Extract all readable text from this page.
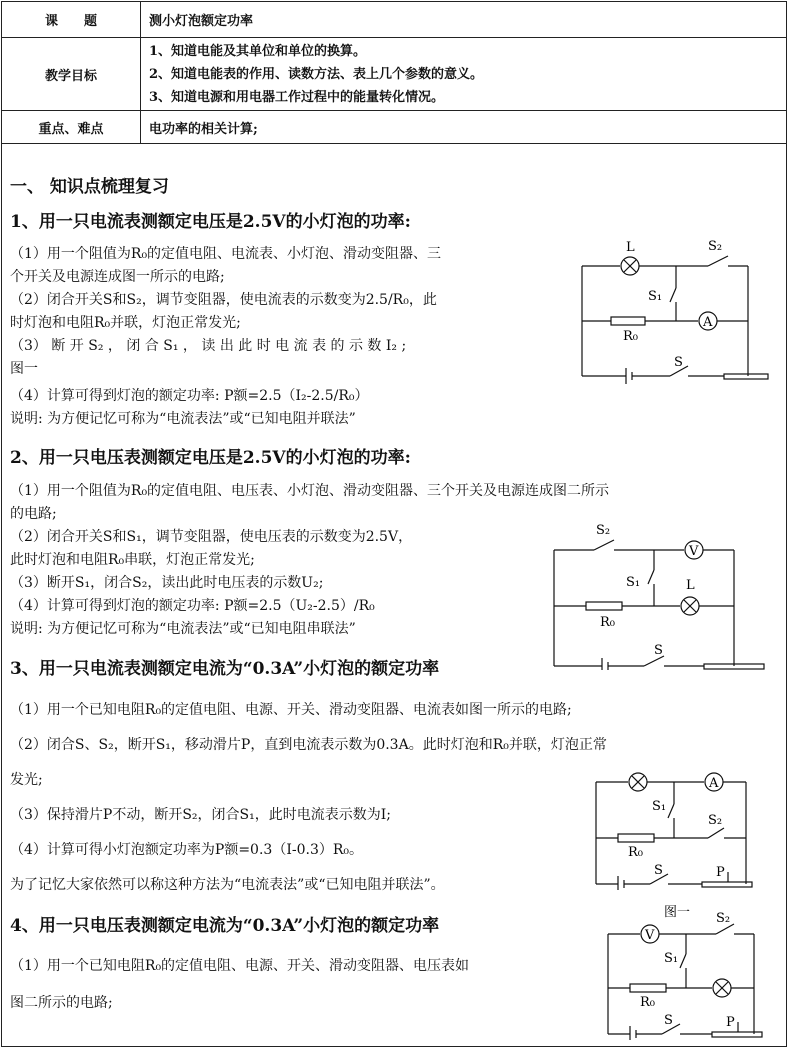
课　　题	测小灯泡额定功率
教学目标	1、知道电能及其单位和单位的换算。
2、知道电能表的作用、读数方法、表上几个参数的意义。
3、知道电源和用电器工作过程中的能量转化情况。

重点、难点	电功率的相关计算;
一、 知识点梳理复习
1、用一只电流表测额定电压是2.5V的小灯泡的功率:
（1）用一个阻值为R₀的定值电阻、电流表、小灯泡、滑动变阻器、三
个开关及电源连成图一所示的电路;
（2）闭合开关S和S₂，调节变阻器，使电流表的示数变为2.5/R₀，此
时灯泡和电阻R₀并联，灯泡正常发光;
（3） 断 开 S₂ ， 闭 合 S₁ ， 读 出 此 时 电 流 表 的 示 数 I₂ ;
图一
（4）计算可得到灯泡的额定功率: P额=2.5（I₂-2.5/R₀）
说明: 为方便记忆可称为“电流表法”或“已知电阻并联法”
L	S₂
S₁
R₀
A
S
2、用一只电压表测额定电压是2.5V的小灯泡的功率:
（1）用一个阻值为R₀的定值电阻、电压表、小灯泡、滑动变阻器、三个开关及电源连成图二所示
的电路;
（2）闭合开关S和S₁，调节变阻器，使电压表的示数变为2.5V，
此时灯泡和电阻R₀串联，灯泡正常发光;
（3）断开S₁，闭合S₂，读出此时电压表的示数U₂;
（4）计算可得到灯泡的额定功率: P额=2.5（U₂-2.5）/R₀
说明: 为方便记忆可称为“电流表法”或“已知电阻串联法”
S₂
V
S₁	L
R₀
S
3、用一只电流表测额定电流为“0.3A”小灯泡的额定功率
（1）用一个已知电阻R₀的定值电阻、电源、开关、滑动变阻器、电流表如图一所示的电路;
（2）闭合S、S₂，断开S₁，移动滑片P，直到电流表示数为0.3A。此时灯泡和R₀并联，灯泡正常
发光;
（3）保持滑片P不动，断开S₂，闭合S₁，此时电流表示数为I;
（4）计算可得小灯泡额定功率为P额=0.3（I-0.3）R₀。
为了记忆大家依然可以称这种方法为“电流表法”或“已知电阻并联法”。
A
S₁
S₂
R₀
S	P
4、用一只电压表测额定电流为“0.3A”小灯泡的额定功率
（1）用一个已知电阻R₀的定值电阻、电源、开关、滑动变阻器、电压表如
图二所示的电路;
图一
V
S₂
S₁
R₀
S	P
